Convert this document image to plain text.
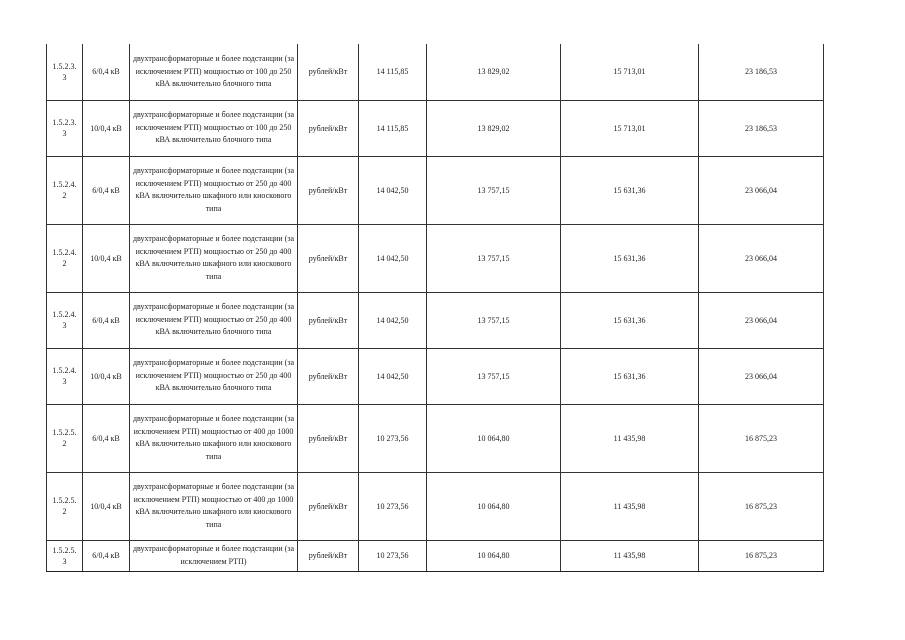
1.5.2.3.
3	6/0,4 кВ	двухтрансформаторные и более подстанции (за исключением РТП) мощностью от 100 до 250 кВА включительно блочного типа	рублей/кВт	14 115,85	13 829,02	15 713,01	23 186,53
1.5.2.3.
3	10/0,4 кВ	двухтрансформаторные и более подстанции (за исключением РТП) мощностью от 100 до 250 кВА включительно блочного типа	рублей/кВт	14 115,85	13 829,02	15 713,01	23 186,53
1.5.2.4.
2	6/0,4 кВ	двухтрансформаторные и более подстанции (за исключением РТП) мощностью от 250 до 400 кВА включительно шкафного или киоскового типа	рублей/кВт	14 042,50	13 757,15	15 631,36	23 066,04
1.5.2.4.
2	10/0,4 кВ	двухтрансформаторные и более подстанции (за исключением РТП) мощностью от 250 до 400 кВА включительно шкафного или киоскового типа	рублей/кВт	14 042,50	13 757,15	15 631,36	23 066,04
1.5.2.4.
3	6/0,4 кВ	двухтрансформаторные и более подстанции (за исключением РТП) мощностью от 250 до 400 кВА включительно блочного типа	рублей/кВт	14 042,50	13 757,15	15 631,36	23 066,04
1.5.2.4.
3	10/0,4 кВ	двухтрансформаторные и более подстанции (за исключением РТП) мощностью от 250 до 400 кВА включительно блочного типа	рублей/кВт	14 042,50	13 757,15	15 631,36	23 066,04
1.5.2.5.
2	6/0,4 кВ	двухтрансформаторные и более подстанции (за исключением РТП) мощностью от 400 до 1000 кВА включительно шкафного или киоскового типа	рублей/кВт	10 273,56	10 064,80	11 435,98	16 875,23
1.5.2.5.
2	10/0,4 кВ	двухтрансформаторные и более подстанции (за исключением РТП) мощностью от 400 до 1000 кВА включительно шкафного или киоскового типа	рублей/кВт	10 273,56	10 064,80	11 435,98	16 875,23
1.5.2.5.
3	6/0,4 кВ	двухтрансформаторные и более подстанции (за исключением РТП)	рублей/кВт	10 273,56	10 064,80	11 435,98	16 875,23
